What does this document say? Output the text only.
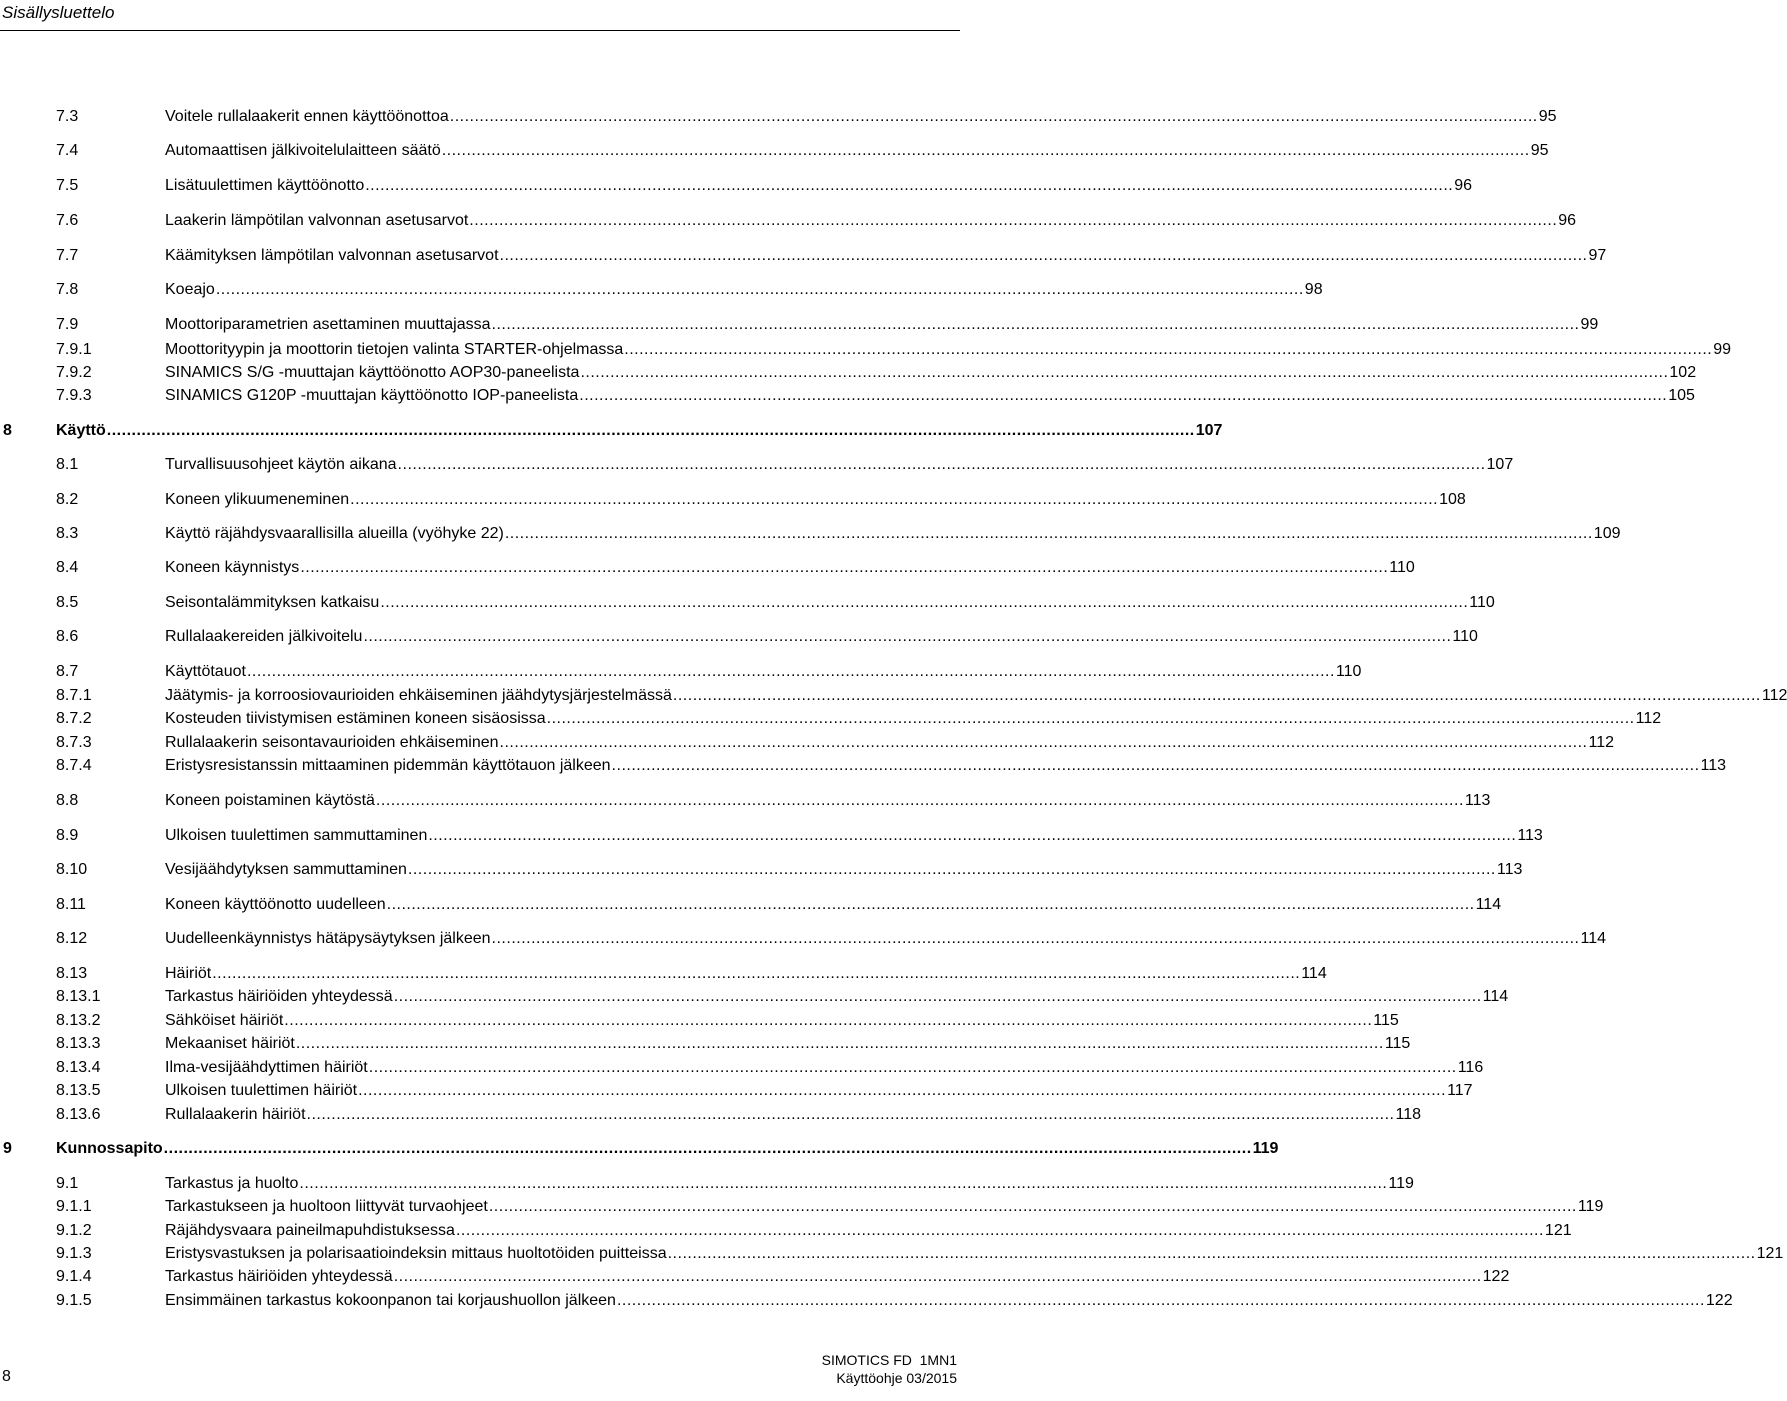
Sisällysluettelo
7.3	Voitele rullalaakerit ennen käyttöönottoa ............................................................................................................................................................................................................................ 95
7.4	Automaattisen jälkivoitelulaitteen säätö ............................................................................................................................................................................................................................ 95
7.5	Lisätuulettimen käyttöönotto ............................................................................................................................................................................................................................ 96
7.6	Laakerin lämpötilan valvonnan asetusarvot ............................................................................................................................................................................................................................ 96
7.7	Käämityksen lämpötilan valvonnan asetusarvot ............................................................................................................................................................................................................................ 97
7.8	Koeajo ............................................................................................................................................................................................................................ 98
7.9	Moottoriparametrien asettaminen muuttajassa ............................................................................................................................................................................................................................ 99
7.9.1	Moottorityypin ja moottorin tietojen valinta STARTER-ohjelmassa ............................................................................................................................................................................................................................ 99
7.9.2	SINAMICS S/G -muuttajan käyttöönotto AOP30-paneelista ............................................................................................................................................................................................................................ 102
7.9.3	SINAMICS G120P -muuttajan käyttöönotto IOP-paneelista ............................................................................................................................................................................................................................ 105
8	Käyttö ............................................................................................................................................................................................................................ 107
8.1	Turvallisuusohjeet käytön aikana ............................................................................................................................................................................................................................ 107
8.2	Koneen ylikuumeneminen ............................................................................................................................................................................................................................ 108
8.3	Käyttö räjähdysvaarallisilla alueilla (vyöhyke 22) ............................................................................................................................................................................................................................ 109
8.4	Koneen käynnistys ............................................................................................................................................................................................................................ 110
8.5	Seisontalämmityksen katkaisu ............................................................................................................................................................................................................................ 110
8.6	Rullalaakereiden jälkivoitelu ............................................................................................................................................................................................................................ 110
8.7	Käyttötauot ............................................................................................................................................................................................................................ 110
8.7.1	Jäätymis- ja korroosiovaurioiden ehkäiseminen jäähdytysjärjestelmässä ............................................................................................................................................................................................................................ 112
8.7.2	Kosteuden tiivistymisen estäminen koneen sisäosissa ............................................................................................................................................................................................................................ 112
8.7.3	Rullalaakerin seisontavaurioiden ehkäiseminen ............................................................................................................................................................................................................................ 112
8.7.4	Eristysresistanssin mittaaminen pidemmän käyttötauon jälkeen ............................................................................................................................................................................................................................ 113
8.8	Koneen poistaminen käytöstä ............................................................................................................................................................................................................................ 113
8.9	Ulkoisen tuulettimen sammuttaminen ............................................................................................................................................................................................................................ 113
8.10	Vesijäähdytyksen sammuttaminen ............................................................................................................................................................................................................................ 113
8.11	Koneen käyttöönotto uudelleen ............................................................................................................................................................................................................................ 114
8.12	Uudelleenkäynnistys hätäpysäytyksen jälkeen ............................................................................................................................................................................................................................ 114
8.13	Häiriöt ............................................................................................................................................................................................................................ 114
8.13.1	Tarkastus häiriöiden yhteydessä ............................................................................................................................................................................................................................ 114
8.13.2	Sähköiset häiriöt ............................................................................................................................................................................................................................ 115
8.13.3	Mekaaniset häiriöt ............................................................................................................................................................................................................................ 115
8.13.4	Ilma-vesijäähdyttimen häiriöt ............................................................................................................................................................................................................................ 116
8.13.5	Ulkoisen tuulettimen häiriöt ............................................................................................................................................................................................................................ 117
8.13.6	Rullalaakerin häiriöt ............................................................................................................................................................................................................................ 118
9	Kunnossapito ............................................................................................................................................................................................................................ 119
9.1	Tarkastus ja huolto ............................................................................................................................................................................................................................ 119
9.1.1	Tarkastukseen ja huoltoon liittyvät turvaohjeet ............................................................................................................................................................................................................................ 119
9.1.2	Räjähdysvaara paineilmapuhdistuksessa ............................................................................................................................................................................................................................ 121
9.1.3	Eristysvastuksen ja polarisaatioindeksin mittaus huoltotöiden puitteissa ............................................................................................................................................................................................................................ 121
9.1.4	Tarkastus häiriöiden yhteydessä ............................................................................................................................................................................................................................ 122
9.1.5	Ensimmäinen tarkastus kokoonpanon tai korjaushuollon jälkeen ............................................................................................................................................................................................................................ 122
8
SIMOTICS FD  1MN1
Käyttöohje 03/2015
